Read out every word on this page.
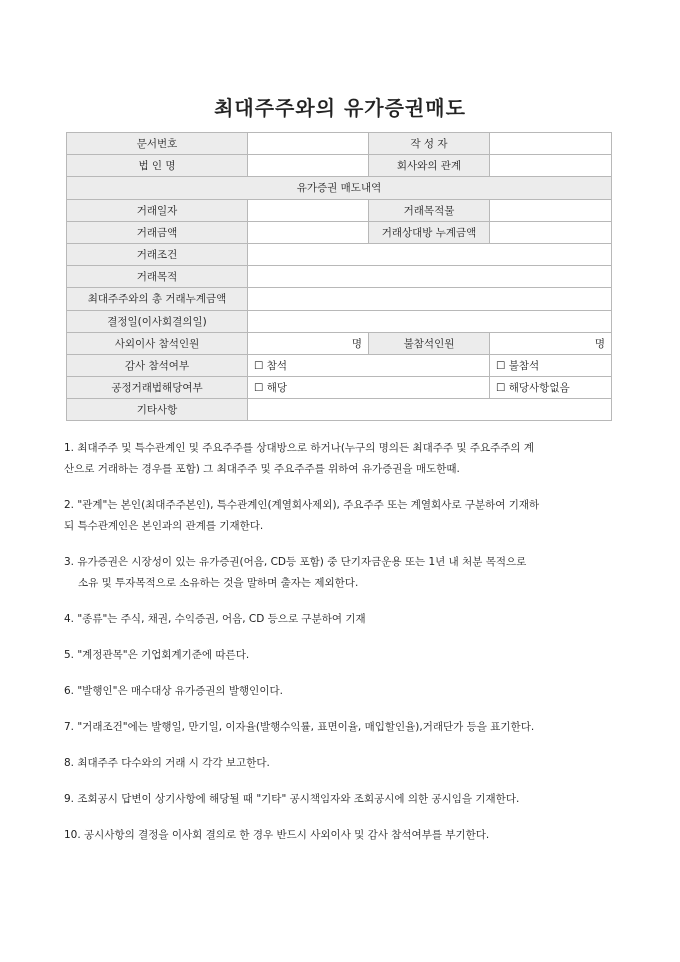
최대주주와의 유가증권매도
문서번호		작 성 자	
법 인 명		회사와의 관계	
유가증권 매도내역			
거래일자		거래목적물	
거래금액		거래상대방 누계금액	
거래조건			
거래목적			
최대주주와의 총 거래누계금액			
결정일(이사회결의일)			
사외이사 참석인원	명	불참석인원	명
감사 참석여부	☐ 참석		☐ 불참석
공정거래법해당여부	☐ 해당		☐ 해당사항없음
기타사항			
1. 최대주주 및 특수관계인 및 주요주주를 상대방으로 하거나(누구의 명의든 최대주주 및 주요주주의 계
산으로 거래하는 경우를 포함) 그 최대주주 및 주요주주를 위하여 유가증권을 매도한때.
2. "관계"는 본인(최대주주본인), 특수관계인(계열회사제외), 주요주주 또는 계열회사로 구분하여 기재하
되 특수관계인은 본인과의 관계를 기재한다.
3. 유가증권은 시장성이 있는 유가증권(어음, CD등 포함) 중 단기자금운용 또는 1년 내 처분 목적으로
소유 및 투자목적으로 소유하는 것을 말하며 출자는 제외한다.
4. "종류"는 주식, 채권, 수익증권, 어음, CD 등으로 구분하여 기재
5. "계정관목"은 기업회계기준에 따른다.
6. "발행인"은 매수대상 유가증권의 발행인이다.
7. "거래조건"에는 발행일, 만기일, 이자율(발행수익률, 표면이율, 매입할인율),거래단가 등을 표기한다.
8. 최대주주 다수와의 거래 시 각각 보고한다.
9. 조회공시 답변이 상기사항에 해당될 때 "기타" 공시책임자와 조회공시에 의한 공시임을 기재한다.
10. 공시사항의 결정을 이사회 결의로 한 경우 반드시 사외이사 및 감사 참석여부를 부기한다.
